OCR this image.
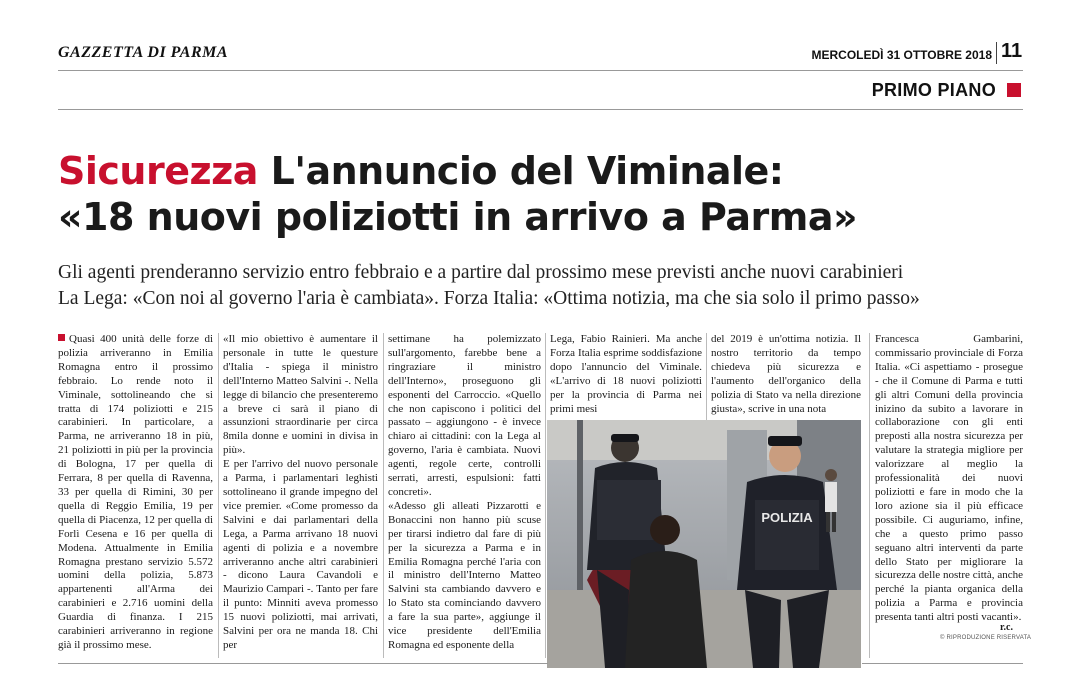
GAZZETTA DI PARMA	MERCOLEDÌ 31 OTTOBRE 2018 11
PRIMO PIANO
Sicurezza L'annuncio del Viminale:
«18 nuovi poliziotti in arrivo a Parma»
Gli agenti prenderanno servizio entro febbraio e a partire dal prossimo mese previsti anche nuovi carabinieri
La Lega: «Con noi al governo l'aria è cambiata». Forza Italia: «Ottima notizia, ma che sia solo il primo passo»

Quasi 400 unità delle forze di polizia arriveranno in Emilia Romagna entro il prossimo febbraio. Lo rende noto il Viminale, sottolineando che si tratta di 174 poliziotti e 215 carabinieri. In particolare, a Parma, ne arriveranno 18 in più, 21 poliziotti in più per la provincia di Bologna, 17 per quella di Ferrara, 8 per quella di Ravenna, 33 per quella di Rimini, 30 per quella di Reggio Emilia, 19 per quella di Piacenza, 12 per quella di Forlì Cesena e 16 per quella di Modena. Attualmente in Emilia Romagna prestano servizio 5.572 uomini della polizia, 5.873 appartenenti all'Arma dei carabinieri e 2.716 uomini della Guardia di finanza. I 215 carabinieri arriveranno in regione già il prossimo mese.

«Il mio obiettivo è aumentare il personale in tutte le questure d'Italia - spiega il ministro dell'Interno Matteo Salvini -. Nella legge di bilancio che presenteremo a breve ci sarà il piano di assunzioni straordinarie per circa 8mila donne e uomini in divisa in più».

E per l'arrivo del nuovo personale a Parma, i parlamentari leghisti sottolineano il grande impegno del vice premier. «Come promesso da Salvini e dai parlamentari della Lega, a Parma arrivano 18 nuovi agenti di polizia e a novembre arriveranno anche altri carabinieri - dicono Laura Cavandoli e Maurizio Campari -. Tanto per fare il punto: Minniti aveva promesso 15 nuovi poliziotti, mai arrivati, Salvini per ora ne manda 18. Chi per

settimane ha polemizzato sull'argomento, farebbe bene a ringraziare il ministro dell'Interno», proseguono gli esponenti del Carroccio. «Quello che non capiscono i politici del passato – aggiungono - è invece chiaro ai cittadini: con la Lega al governo, l'aria è cambiata. Nuovi agenti, regole certe, controlli serrati, arresti, espulsioni: fatti concreti».

«Adesso gli alleati Pizzarotti e Bonaccini non hanno più scuse per tirarsi indietro dal fare di più per la sicurezza a Parma e in Emilia Romagna perché l'aria con il ministro dell'Interno Matteo Salvini sta cambiando davvero e lo Stato sta cominciando davvero a fare la sua parte», aggiunge il vice presidente dell'Emilia Romagna ed esponente della

Lega, Fabio Rainieri. Ma anche Forza Italia esprime soddisfazione dopo l'annuncio del Viminale. «L'arrivo di 18 nuovi poliziotti per la provincia di Parma nei primi mesi

del 2019 è un'ottima notizia. Il nostro territorio da tempo chiedeva più sicurezza e l'aumento dell'organico della polizia di Stato va nella direzione giusta», scrive in una nota

Francesca Gambarini, commissario provinciale di Forza Italia. «Ci aspettiamo - prosegue - che il Comune di Parma e tutti gli altri Comuni della provincia inizino da subito a lavorare in collaborazione con gli enti preposti alla nostra sicurezza per valutare la strategia migliore per valorizzare al meglio la professionalità dei nuovi poliziotti e fare in modo che la loro azione sia il più efficace possibile. Ci auguriamo, infine, che a questo primo passo seguano altri interventi da parte dello Stato per migliorare la sicurezza delle nostre città, anche perché la pianta organica della polizia a Parma e provincia presenta tanti altri posti vacanti».

POLIZIA
r.c.
© RIPRODUZIONE RISERVATA
